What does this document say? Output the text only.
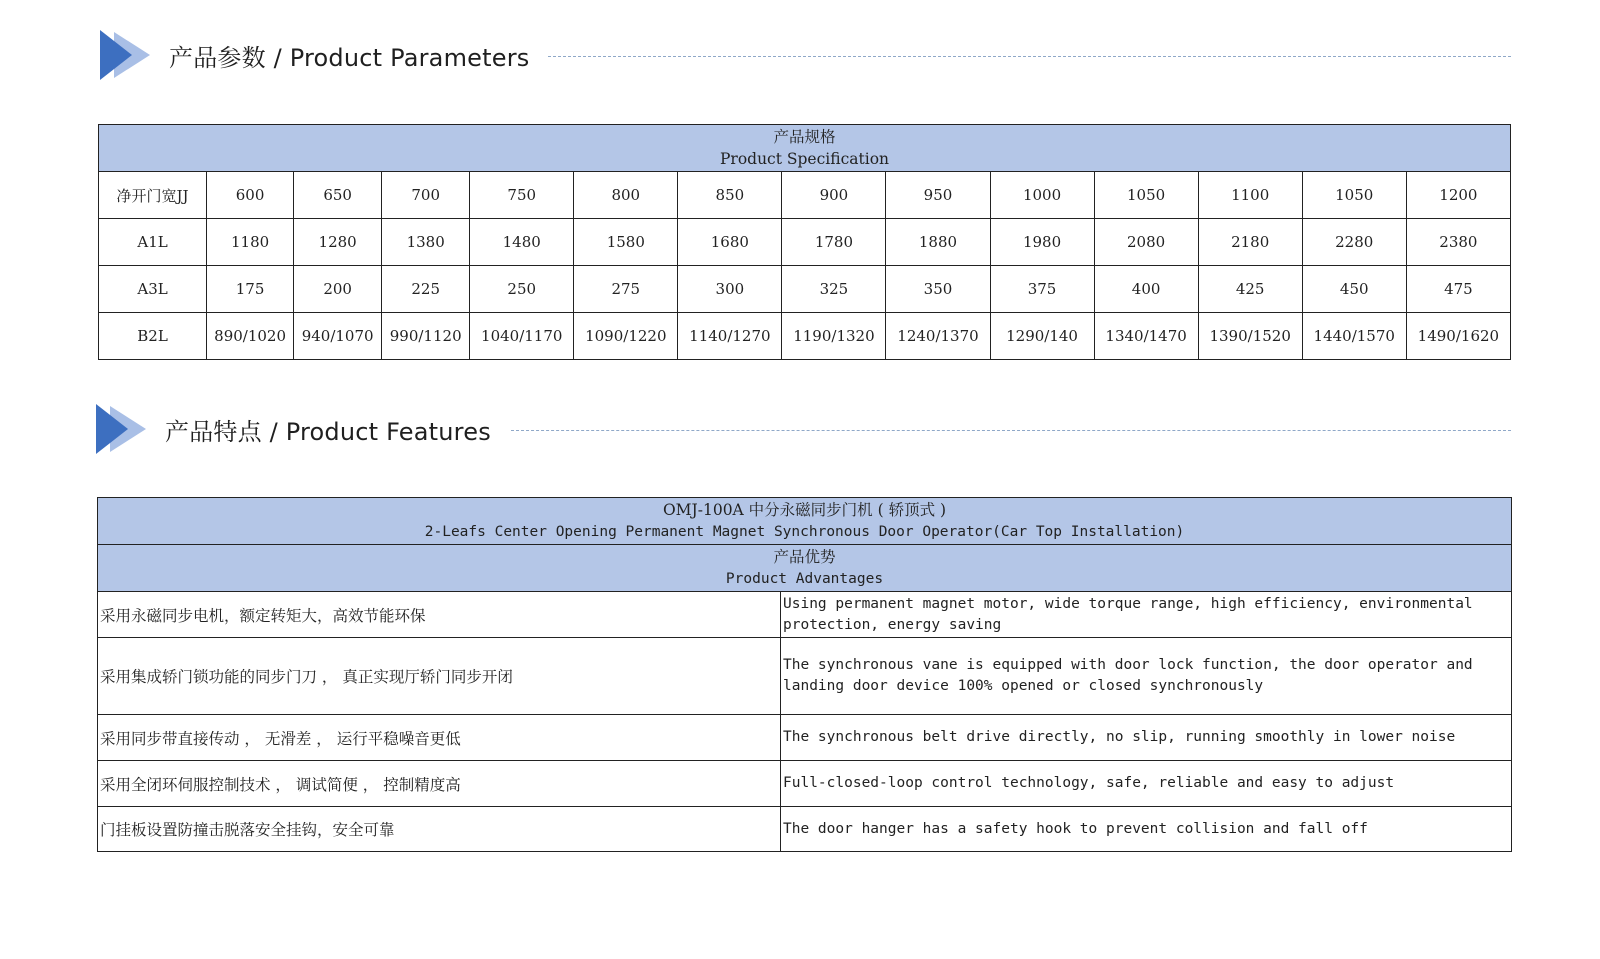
产品参数 / Product Parameters
产品规格
Product Specification													

净开门宽JJ	600	650	700	750	800	850	900	950	1000	1050	1100	1050	1200
A1L	1180	1280	1380	1480	1580	1680	1780	1880	1980	2080	2180	2280	2380
A3L	175	200	225	250	275	300	325	350	375	400	425	450	475
B2L	890/1020	940/1070	990/1120	1040/1170	1090/1220	1140/1270	1190/1320	1240/1370	1290/140	1340/1470	1390/1520	1440/1570	1490/1620
产品特点 / Product Features
OMJ-100A 中分永磁同步门机 ( 轿顶式 )
2-Leafs Center Opening Permanent Magnet Synchronous Door Operator(Car Top Installation)	

产品优势
Product Advantages	

采用永磁同步电机，额定转矩大，高效节能环保	Using permanent magnet motor, wide torque range, high efficiency, environmental protection, energy saving
采用集成轿门锁功能的同步门刀 ， 真正实现厅轿门同步开闭	The synchronous vane is equipped with door lock function, the door operator and landing door device 100% opened or closed synchronously
采用同步带直接传动 ， 无滑差 ， 运行平稳噪音更低	The synchronous belt drive directly, no slip, running smoothly in lower noise
采用全闭环伺服控制技术 ， 调试简便 ， 控制精度高	Full-closed-loop control technology, safe, reliable and easy to adjust
门挂板设置防撞击脱落安全挂钩，安全可靠	The door hanger has a safety hook to prevent collision and fall off
